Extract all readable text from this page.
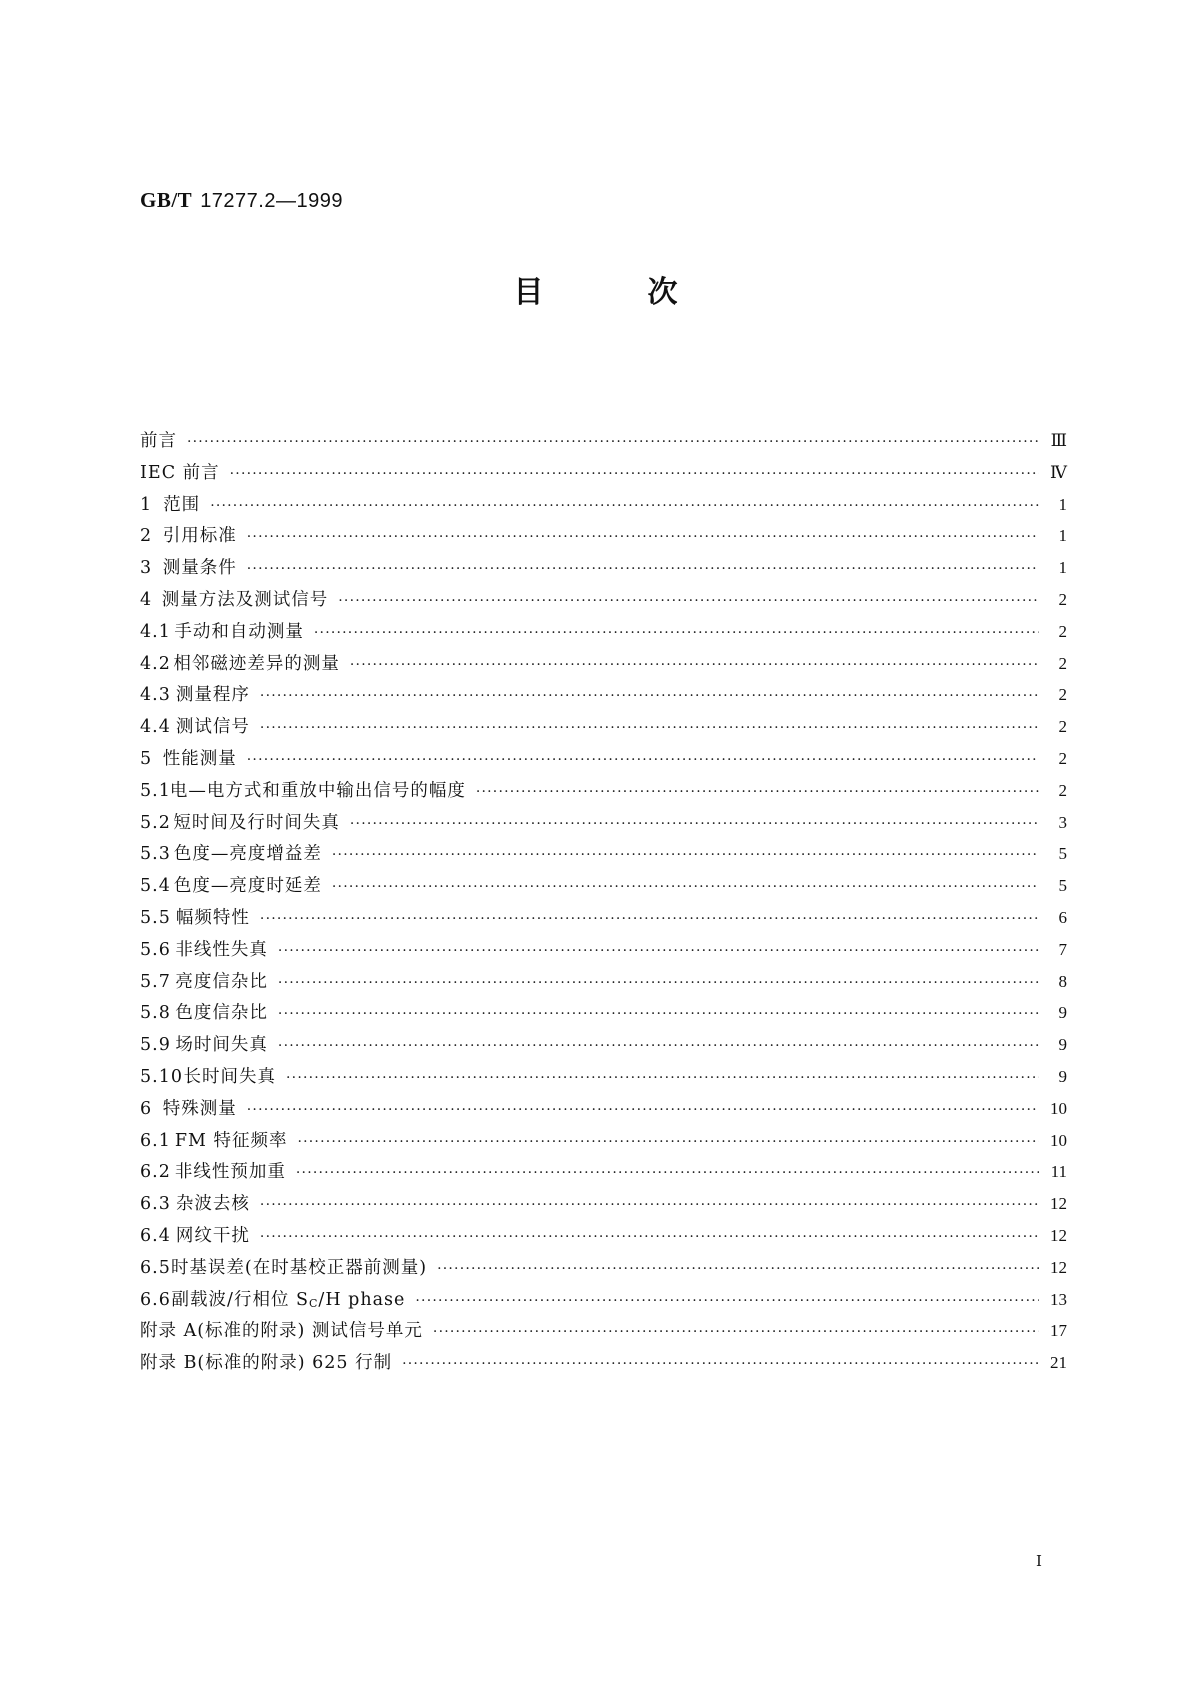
GB/T 17277.2—1999
目	次
前言 ·····	Ⅲ
IEC 前言 ·····	Ⅳ
1 范围 ·····	1
2 引用标准 ·····	1
3 测量条件 ·····	1
4 测量方法及测试信号 ·····	2
4.1 手动和自动测量 ·····	2
4.2 相邻磁迹差异的测量 ·····	2
4.3 测量程序 ·····	2
4.4 测试信号 ·····	2
5 性能测量 ·····	2
5.1 电—电方式和重放中输出信号的幅度 ·····	2
5.2 短时间及行时间失真 ·····	3
5.3 色度—亮度增益差 ·····	5
5.4 色度—亮度时延差 ·····	5
5.5 幅频特性 ·····	6
5.6 非线性失真 ·····	7
5.7 亮度信杂比 ·····	8
5.8 色度信杂比 ·····	9
5.9 场时间失真 ·····	9
5.10 长时间失真 ·····	9
6 特殊测量 ·····	10
6.1 FM 特征频率 ·····	10
6.2 非线性预加重 ·····	11
6.3 杂波去核 ·····	12
6.4 网纹干扰 ·····	12
6.5 时基误差(在时基校正器前测量) ·····	12
6.6 副载波/行相位 SC/H phase ·····	13
附录 A(标准的附录) 测试信号单元 ·····	17
附录 B(标准的附录) 625 行制 ·····	21
I
